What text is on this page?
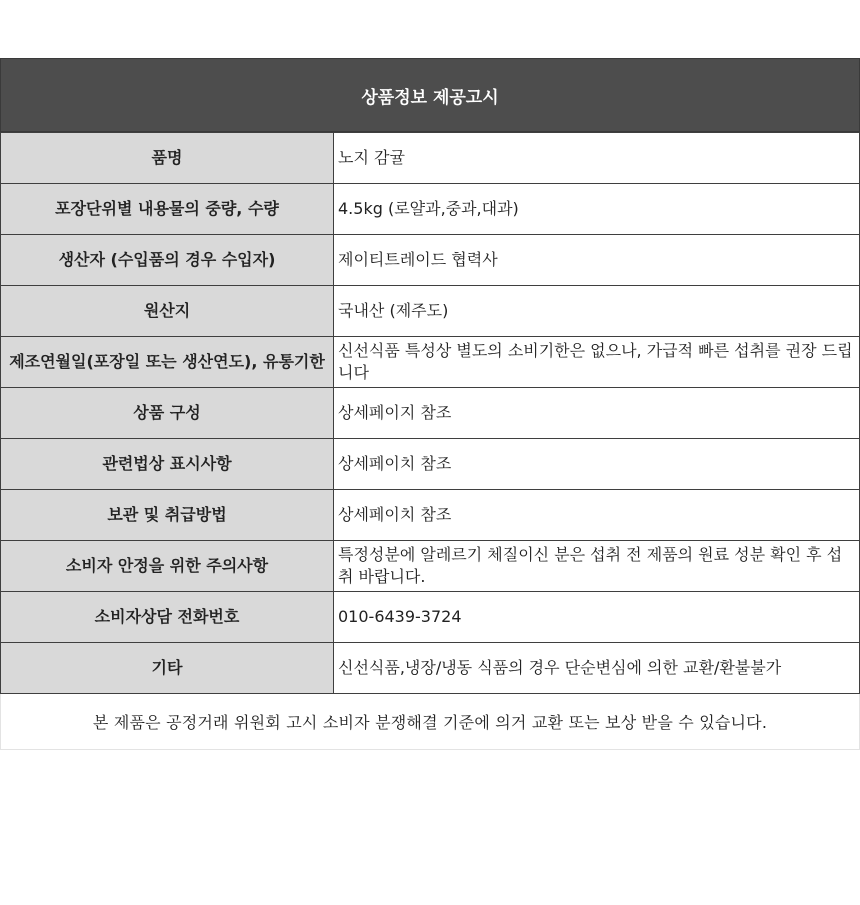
상품정보 제공고시
품명	노지 감귤
포장단위별 내용물의 중량, 수량	4.5kg (로얄과,중과,대과)
생산자 (수입품의 경우 수입자)	제이티트레이드 협력사
원산지	국내산 (제주도)
제조연월일(포장일 또는 생산연도), 유통기한	신선식품 특성상 별도의 소비기한은 없으나, 가급적 빠른 섭취를 권장 드립니다
상품 구성	상세페이지 참조
관련법상 표시사항	상세페이치 참조
보관 및 취급방법	상세페이치 참조
소비자 안정을 위한 주의사항	특정성분에 알레르기 체질이신 분은 섭취 전 제품의 원료 성분 확인 후 섭취 바랍니다.
소비자상담 전화번호	010-6439-3724
기타	신선식품,냉장/냉동 식품의 경우 단순변심에 의한 교환/환불불가
본 제품은 공정거래 위원회 고시 소비자 분쟁해결 기준에 의거 교환 또는 보상 받을 수 있습니다.
